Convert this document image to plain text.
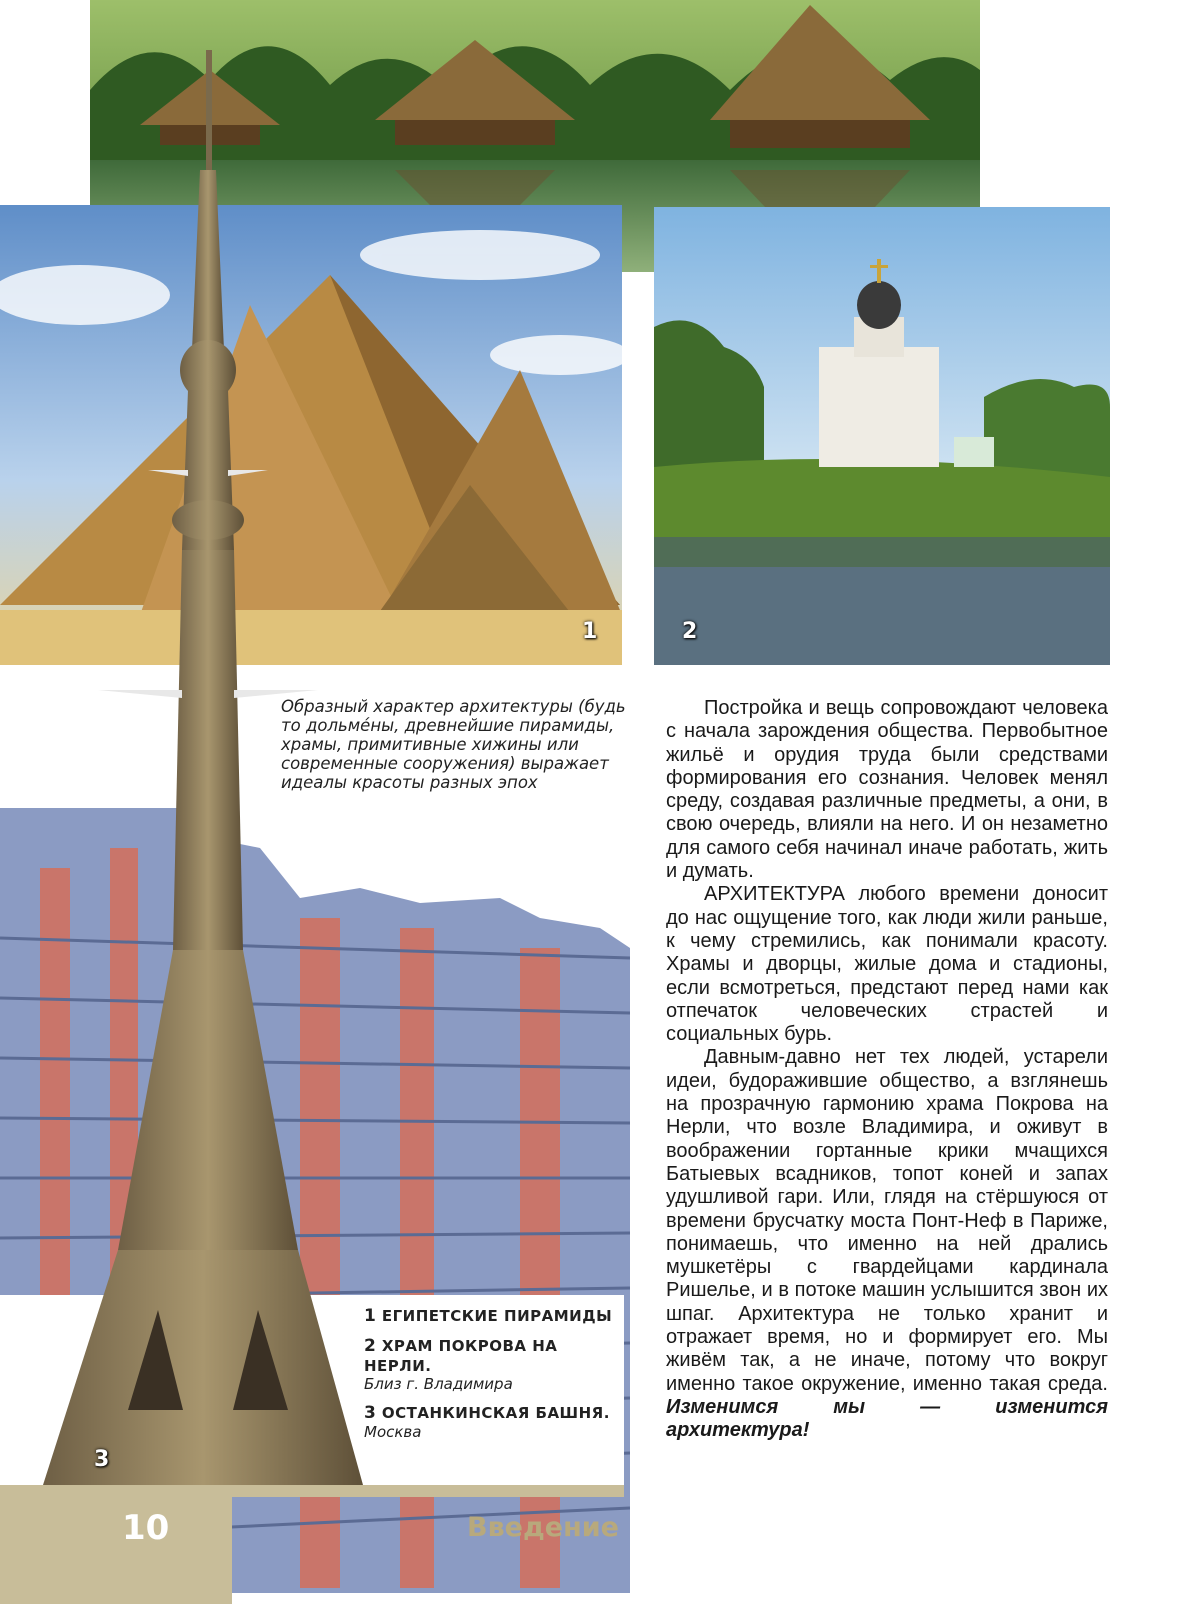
1	2
3

Образный характер архитектуры (будь то дольмéны, древнейшие пирамиды, храмы, примитивные хижины или современные сооружения) выражает идеалы красоты разных эпох

1 ЕГИПЕТСКИЕ ПИРАМИДЫ
2 ХРАМ ПОКРОВА НА НЕРЛИ.
Близ г. Владимира
3 ОСТАНКИНСКАЯ БАШНЯ.
Москва

Постройка и вещь сопровождают человека с начала зарождения общества. Первобытное жильё и орудия труда были средствами формирования его сознания. Человек менял среду, создавая различные предметы, а они, в свою очередь, влияли на него. И он незаметно для самого себя начинал иначе работать, жить и думать.

АРХИТЕКТУРА любого времени доносит до нас ощущение того, как люди жили раньше, к чему стремились, как понимали красоту. Храмы и дворцы, жилые дома и стадионы, если всмотреться, предстают перед нами как отпечаток человеческих страстей и социальных бурь.

Давным-давно нет тех людей, устарели идеи, будоражившие общество, а взглянешь на прозрачную гармонию храма Покрова на Нерли, что возле Владимира, и оживут в воображении гортанные крики мчащихся Батыевых всадников, топот коней и запах удушливой гари. Или, глядя на стёршуюся от времени брусчатку моста Понт-Неф в Париже, понимаешь, что именно на ней дрались мушкетёры с гвардейцами кардинала Ришелье, и в потоке машин услышится звон их шпаг. Архитектура не только хранит и отражает время, но и формирует его. Мы живём так, а не иначе, потому что вокруг именно такое окружение, именно такая среда. Изменимся мы — изменится архитектура!

10	Введение
